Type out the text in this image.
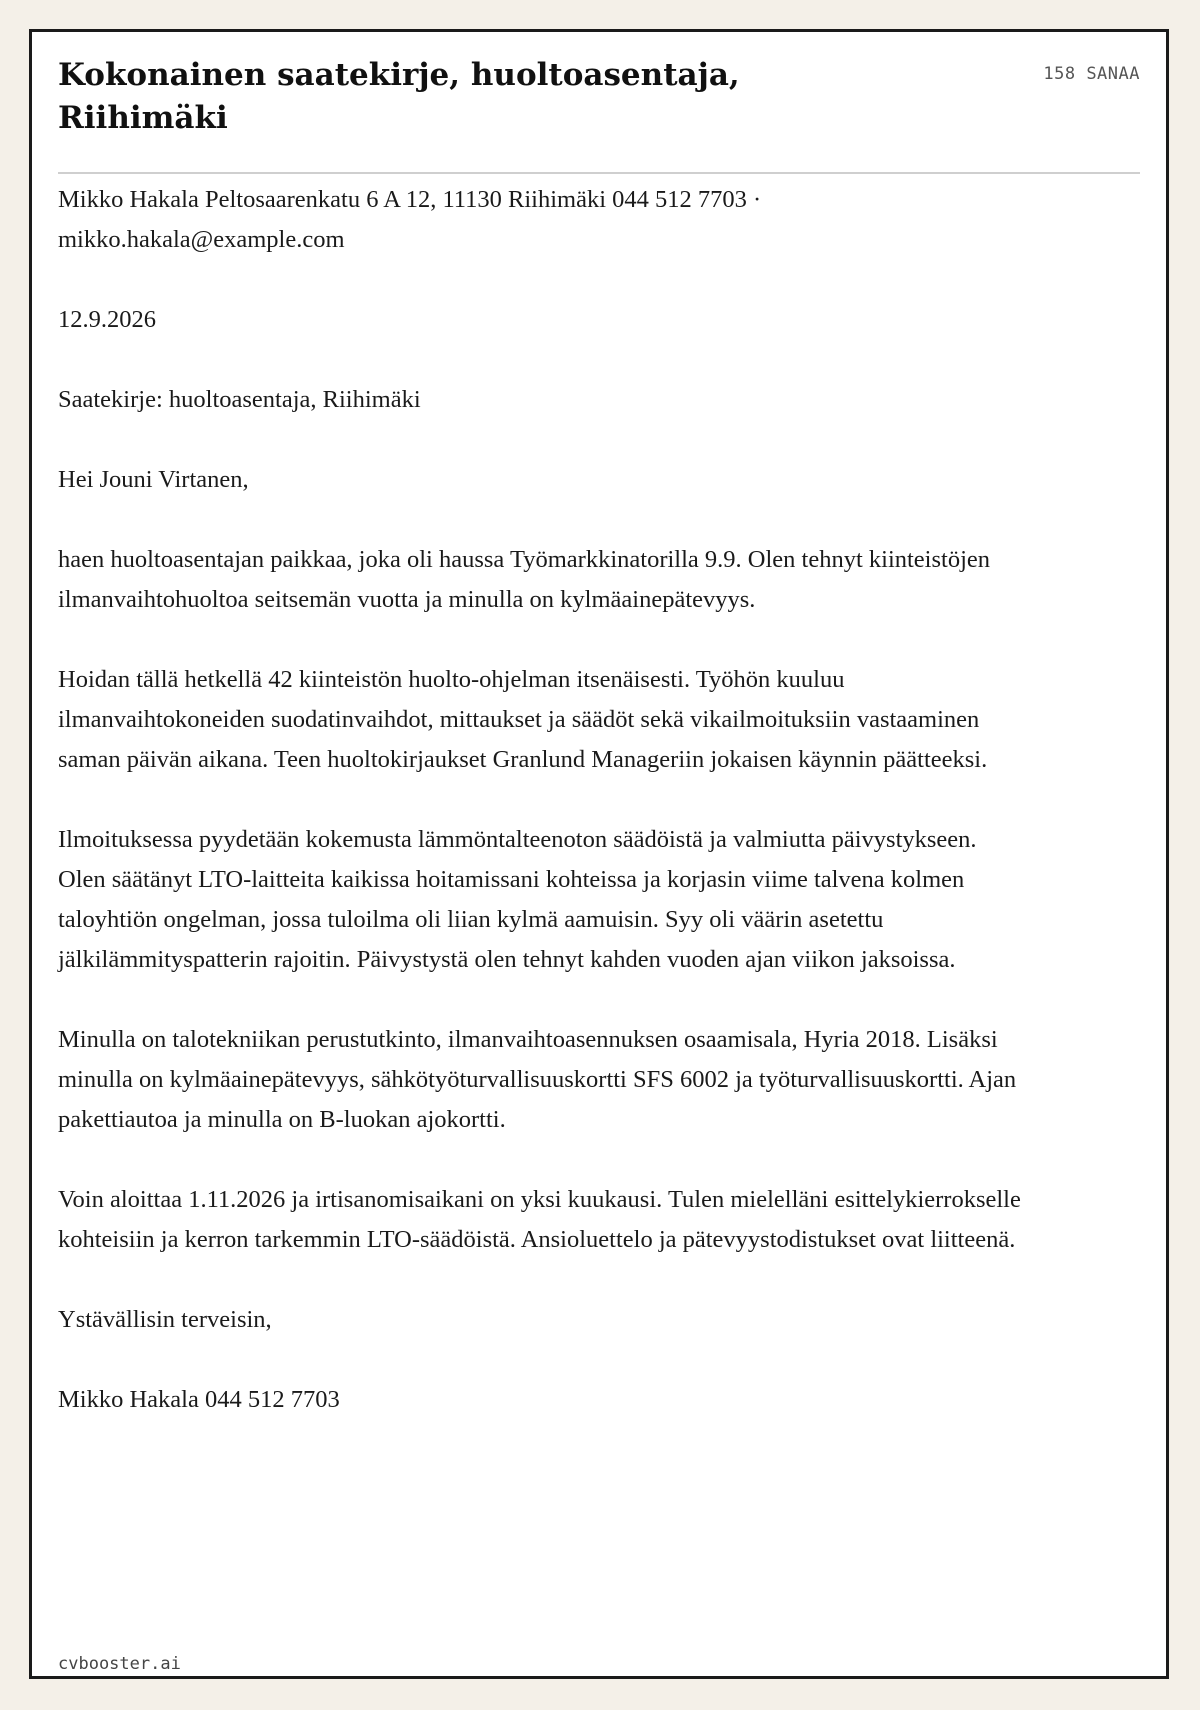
Kokonainen saatekirje, huoltoasentaja, Riihimäki
158 SANAA

Mikko Hakala Peltosaarenkatu 6 A 12, 11130 Riihimäki 044 512 7703 · mikko.hakala@example.com

12.9.2026

Saatekirje: huoltoasentaja, Riihimäki

Hei Jouni Virtanen,

haen huoltoasentajan paikkaa, joka oli haussa Työmarkkinatorilla 9.9. Olen tehnyt kiinteistöjen ilmanvaihtohuoltoa seitsemän vuotta ja minulla on kylmäainepätevyys.

Hoidan tällä hetkellä 42 kiinteistön huolto-ohjelman itsenäisesti. Työhön kuuluu ilmanvaihtokoneiden suodatinvaihdot, mittaukset ja säädöt sekä vikailmoituksiin vastaaminen saman päivän aikana. Teen huoltokirjaukset Granlund Manageriin jokaisen käynnin päätteeksi.

Ilmoituksessa pyydetään kokemusta lämmöntalteenoton säädöistä ja valmiutta päivystykseen. Olen säätänyt LTO-laitteita kaikissa hoitamissani kohteissa ja korjasin viime talvena kolmen taloyhtiön ongelman, jossa tuloilma oli liian kylmä aamuisin. Syy oli väärin asetettu jälkilämmityspatterin rajoitin. Päivystystä olen tehnyt kahden vuoden ajan viikon jaksoissa.

Minulla on talotekniikan perustutkinto, ilmanvaihtoasennuksen osaamisala, Hyria 2018. Lisäksi minulla on kylmäainepätevyys, sähkötyöturvallisuuskortti SFS 6002 ja työturvallisuuskortti. Ajan pakettiautoa ja minulla on B-luokan ajokortti.

Voin aloittaa 1.11.2026 ja irtisanomisaikani on yksi kuukausi. Tulen mielelläni esittelykierrokselle kohteisiin ja kerron tarkemmin LTO-säädöistä. Ansioluettelo ja pätevyystodistukset ovat liitteenä.

Ystävällisin terveisin,

Mikko Hakala 044 512 7703

cvbooster.ai
